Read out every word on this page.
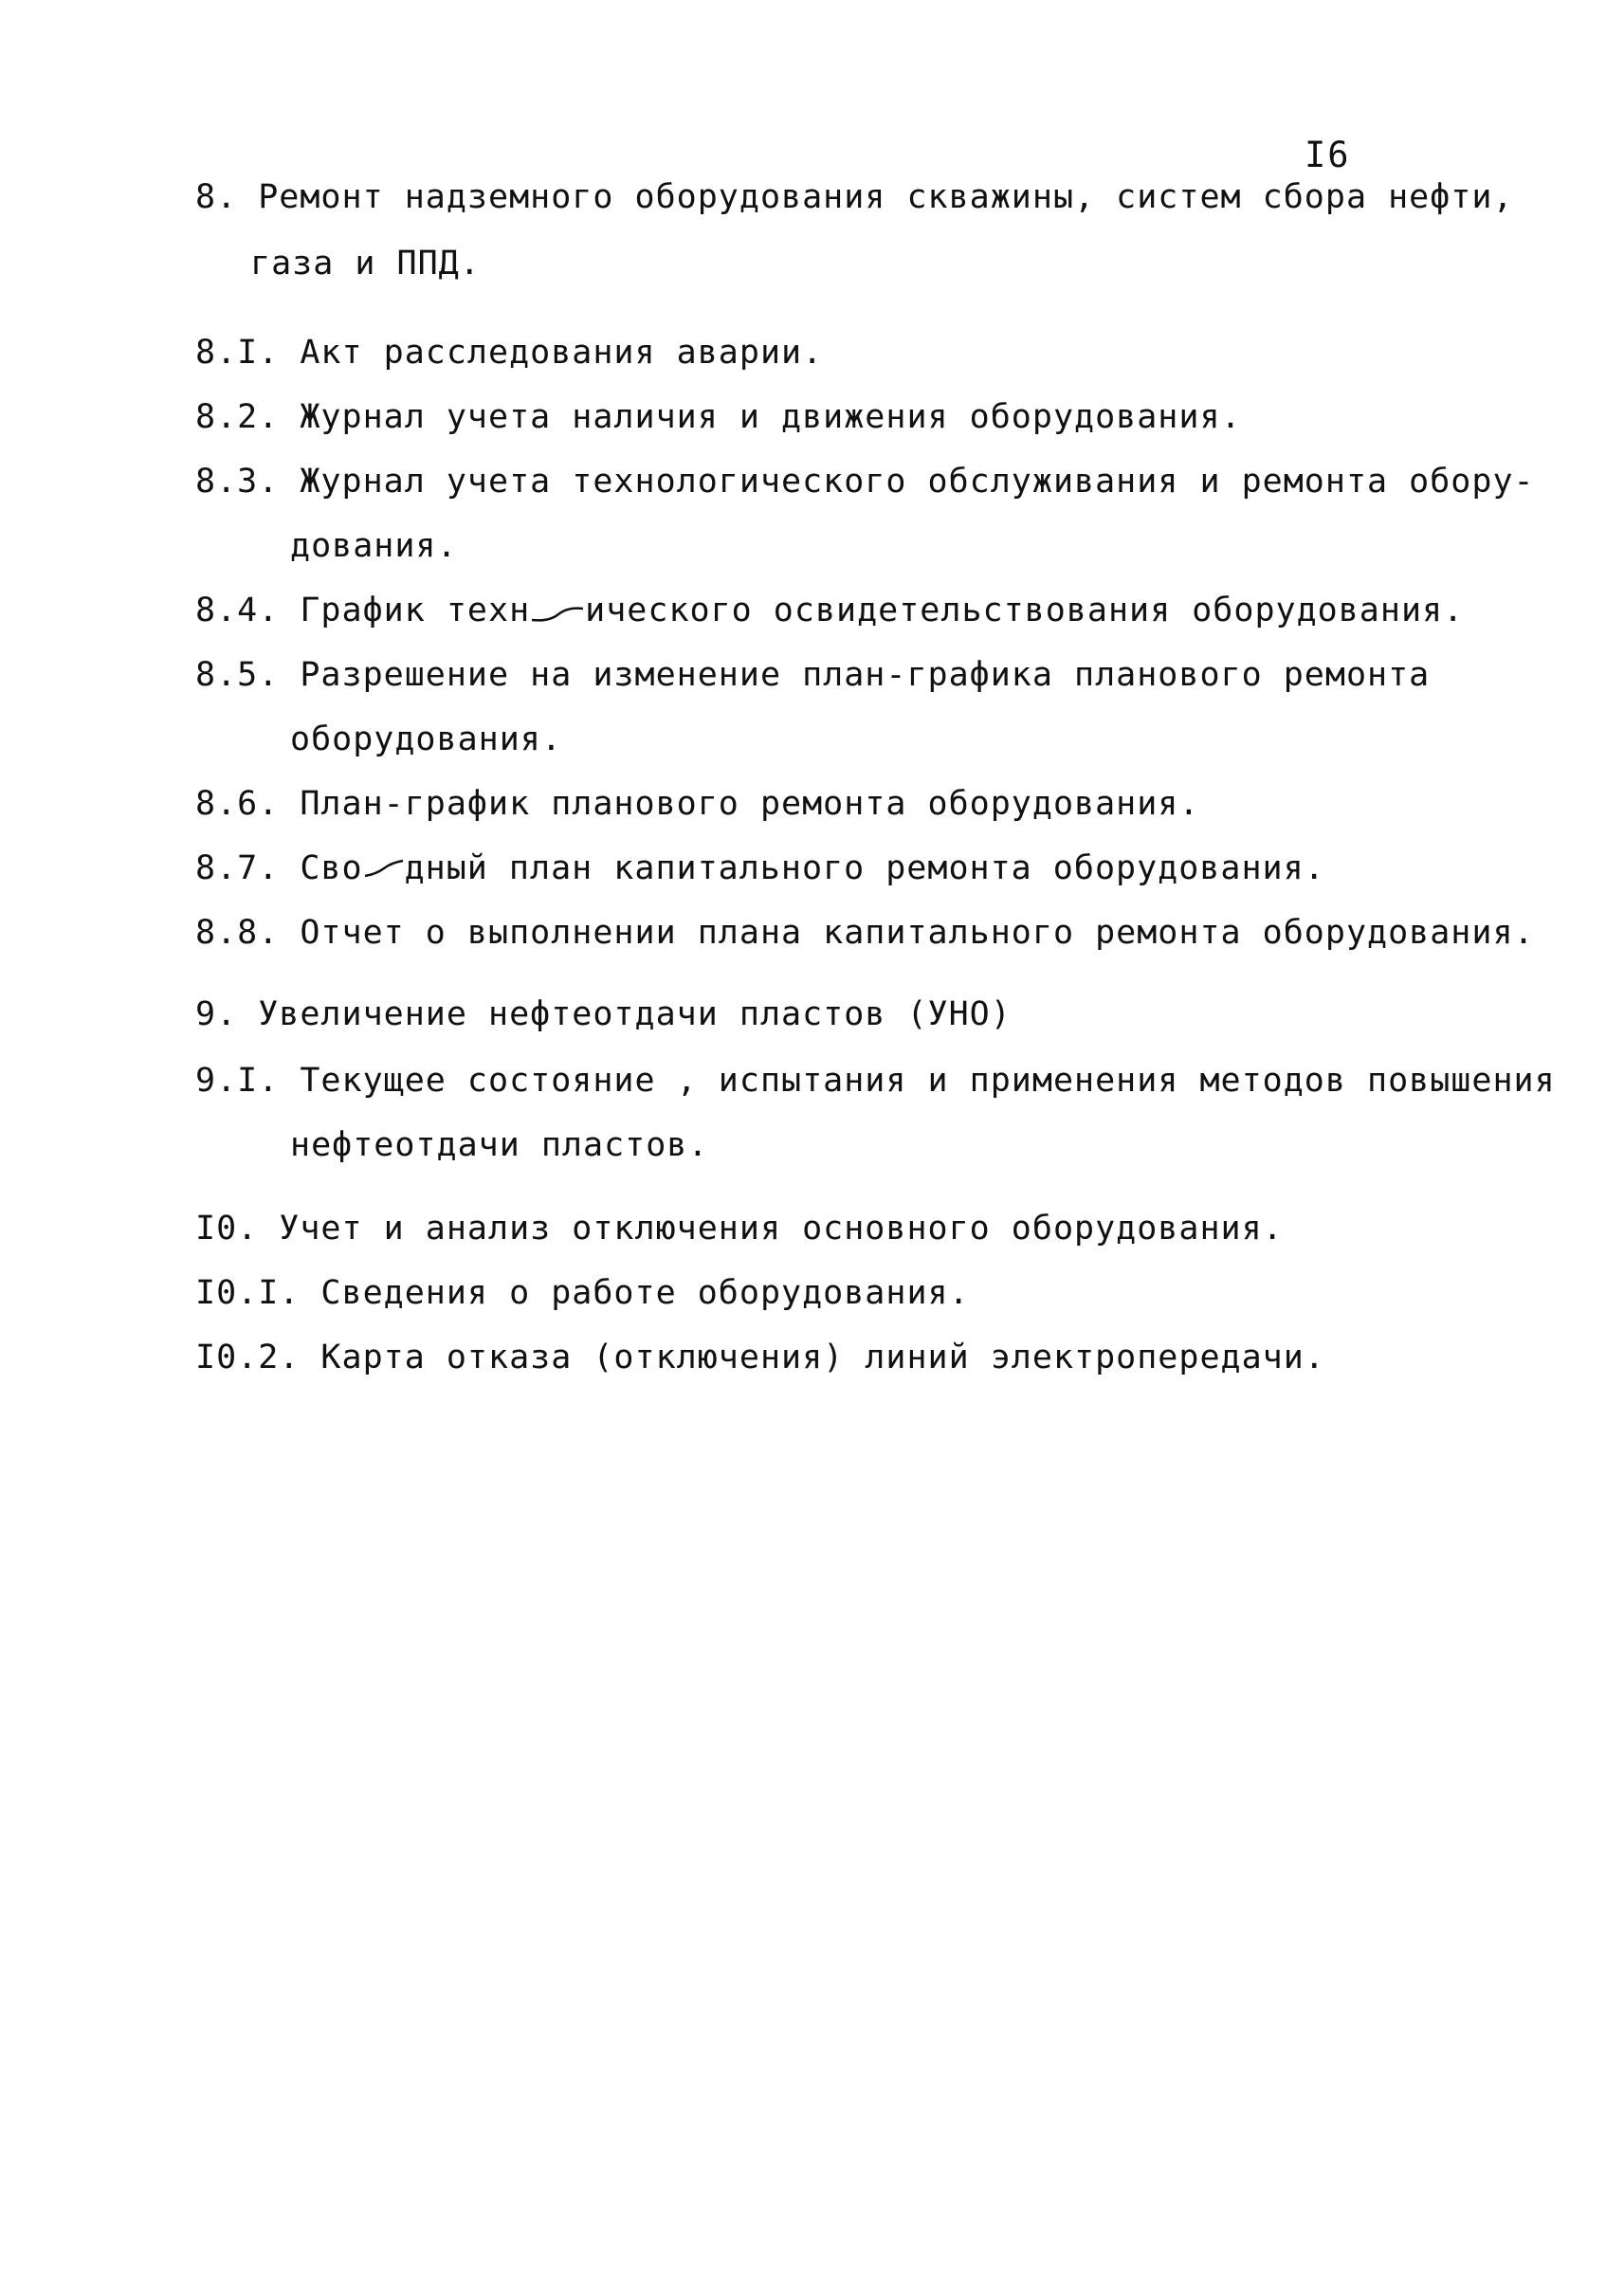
I6
8. Ремонт надземного оборудования скважины, систем сбора нефти,
газа и ППД.
8.I. Акт расследования аварии.
8.2. Журнал учета наличия и движения оборудования.
8.3. Журнал учета технологического обслуживания и ремонта обору-
дования.
8.4. График техн ического освидетельствования оборудования.
8.5. Разрешение на изменение план-графика планового ремонта
оборудования.
8.6. План-график планового ремонта оборудования.
8.7. Сво дный план капитального ремонта оборудования.
8.8. Отчет о выполнении плана капитального ремонта оборудования.
9. Увеличение нефтеотдачи пластов (УНО)
9.I. Текущее состояние , испытания и применения методов повышения
нефтеотдачи пластов.
I0. Учет и анализ отключения основного оборудования.
I0.I. Сведения о работе оборудования.
I0.2. Карта отказа (отключения) линий электропередачи.
